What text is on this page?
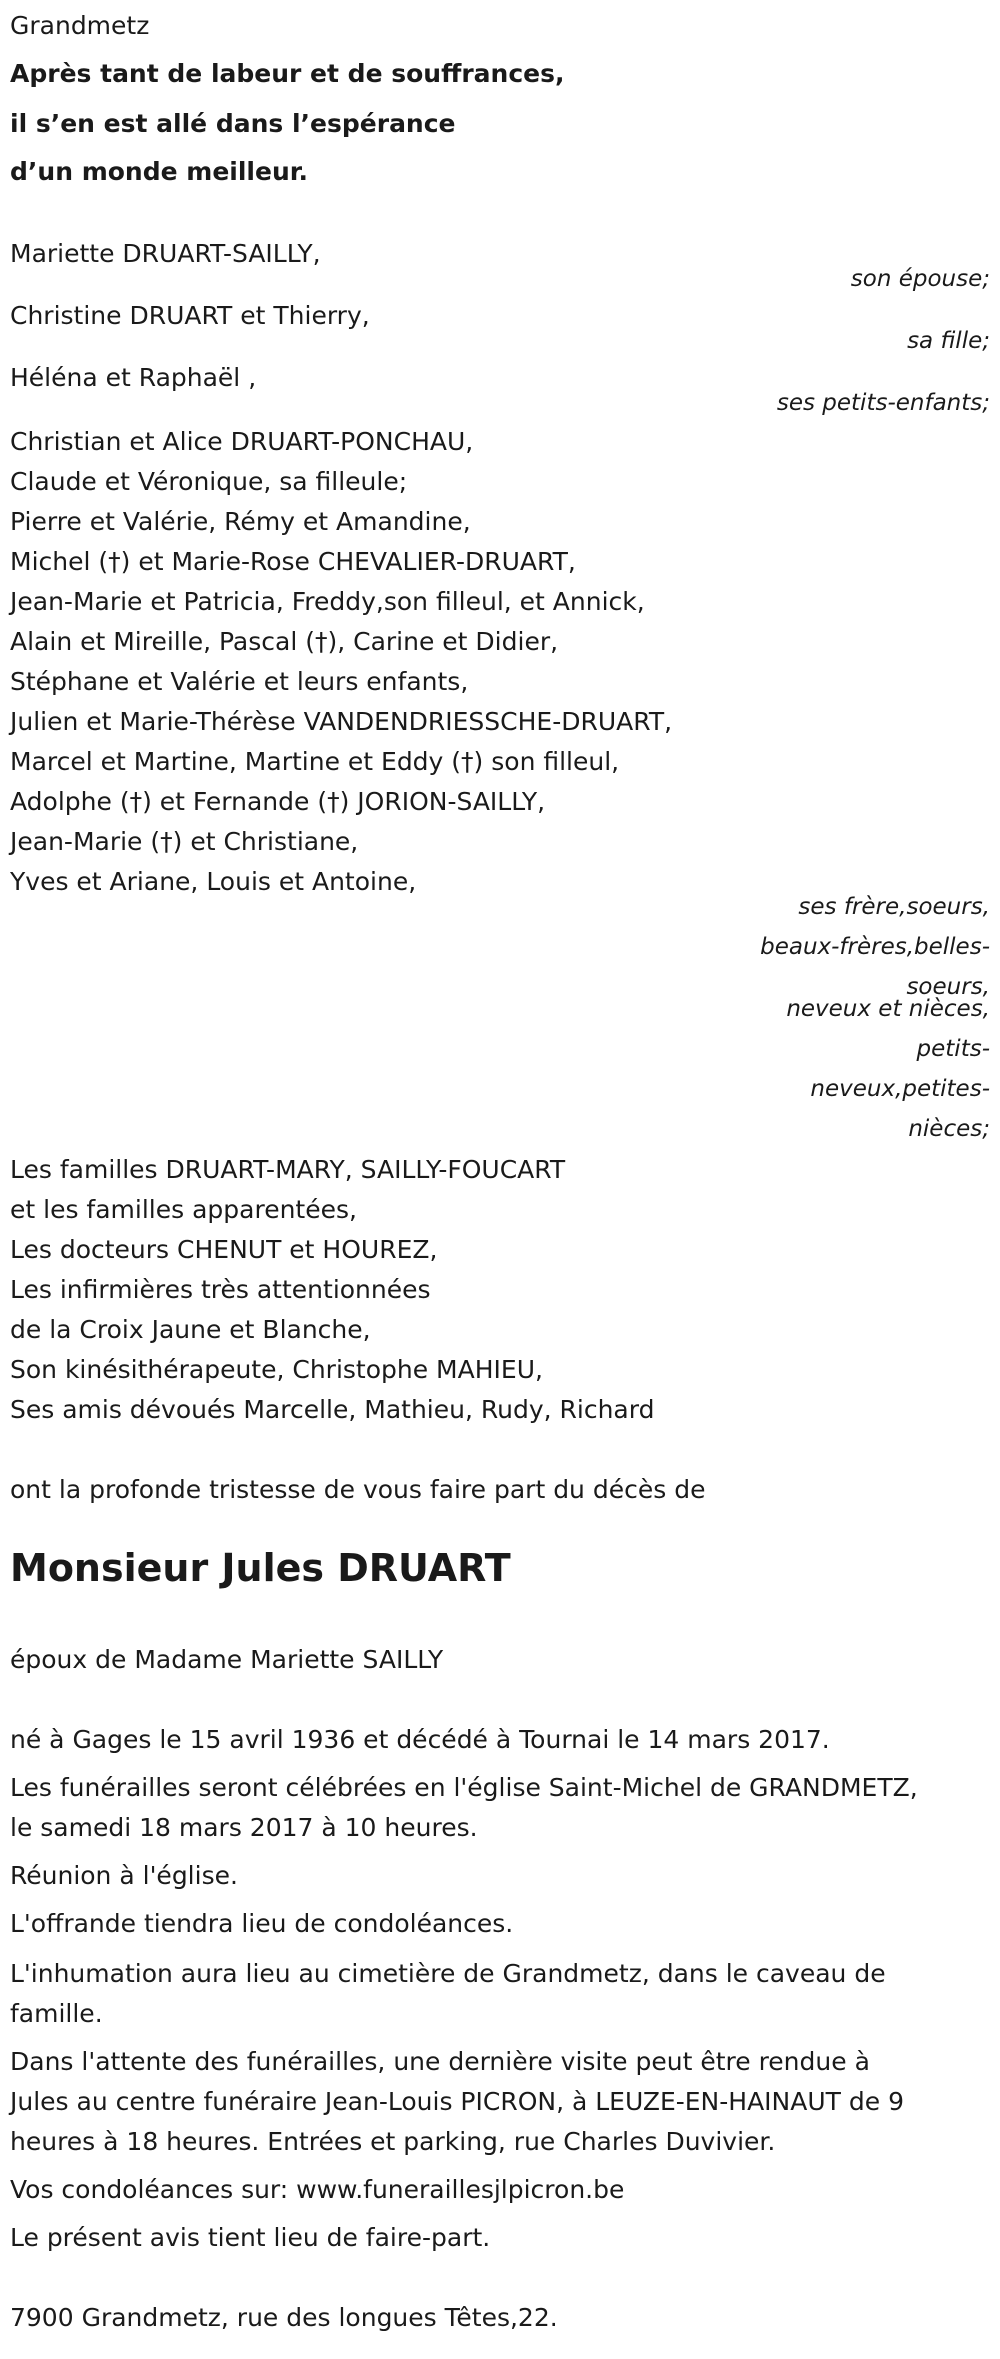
Grandmetz
Après tant de labeur et de souffrances,
il s’en est allé dans l’espérance
d’un monde meilleur.
Mariette DRUART-SAILLY,
son épouse;
Christine DRUART et Thierry,
sa fille;
Héléna et Raphaël ,
ses petits-enfants;
Christian et Alice DRUART-PONCHAU,
Claude et Véronique, sa filleule;
Pierre et Valérie, Rémy et Amandine,
Michel (†) et Marie-Rose CHEVALIER-DRUART,
Jean-Marie et Patricia, Freddy,son filleul, et Annick,
Alain et Mireille, Pascal (†), Carine et Didier,
Stéphane et Valérie et leurs enfants,
Julien et Marie-Thérèse VANDENDRIESSCHE-DRUART,
Marcel et Martine, Martine et Eddy (†) son filleul,
Adolphe (†) et Fernande (†) JORION-SAILLY,
Jean-Marie (†) et Christiane,
Yves et Ariane, Louis et Antoine,
ses frère,soeurs,
beaux-frères,belles-
soeurs,
neveux et nièces,
petits-
neveux,petites-
nièces;
Les familles DRUART-MARY, SAILLY-FOUCART
et les familles apparentées,
Les docteurs CHENUT et HOUREZ,
Les infirmières très attentionnées
de la Croix Jaune et Blanche,
Son kinésithérapeute, Christophe MAHIEU,
Ses amis dévoués Marcelle, Mathieu, Rudy, Richard
ont la profonde tristesse de vous faire part du décès de
Monsieur Jules DRUART
époux de Madame Mariette SAILLY
né à Gages le 15 avril 1936 et décédé à Tournai le 14 mars 2017.
Les funérailles seront célébrées en l'église Saint-Michel de GRANDMETZ,
le samedi 18 mars 2017 à 10 heures.
Réunion à l'église.
L'offrande tiendra lieu de condoléances.
L'inhumation aura lieu au cimetière de Grandmetz, dans le caveau de
famille.
Dans l'attente des funérailles, une dernière visite peut être rendue à
Jules au centre funéraire Jean-Louis PICRON, à LEUZE-EN-HAINAUT de 9
heures à 18 heures. Entrées et parking, rue Charles Duvivier.
Vos condoléances sur: www.funeraillesjlpicron.be
Le présent avis tient lieu de faire-part.
7900 Grandmetz, rue des longues Têtes,22.
